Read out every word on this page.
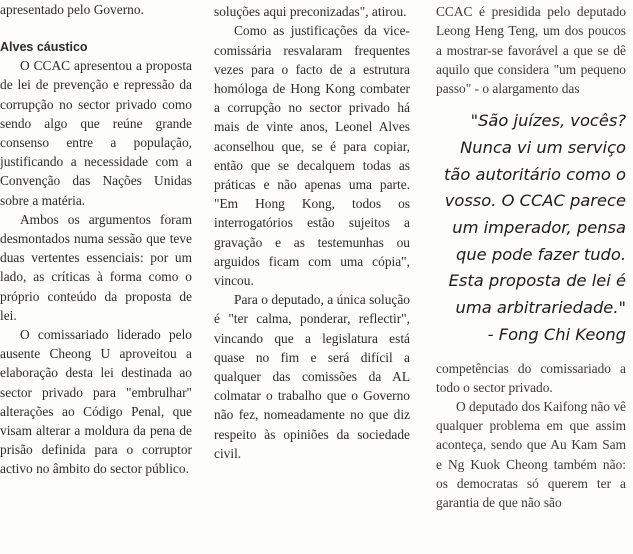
apresentado pelo Governo.

Alves cáustico

O CCAC apresentou a proposta de lei de prevenção e repressão da corrupção no sector privado como sendo algo que reúne grande consenso entre a população, justificando a necessidade com a Convenção das Nações Unidas sobre a matéria.

Ambos os argumentos foram desmontados numa sessão que teve duas vertentes essenciais: por um lado, as críticas à forma como o próprio conteúdo da proposta de lei.

O comissariado liderado pelo ausente Cheong U aproveitou a elaboração desta lei destinada ao sector privado para "embrulhar" alterações ao Código Penal, que visam alterar a moldura da pena de prisão definida para o corruptor activo no âmbito do sector público.

soluções aqui preconizadas", atirou.

Como as justificações da vice-comissária resvalaram frequentes vezes para o facto de a estrutura homóloga de Hong Kong combater a corrupção no sector privado há mais de vinte anos, Leonel Alves aconselhou que, se é para copiar, então que se decalquem todas as práticas e não apenas uma parte. "Em Hong Kong, todos os interrogatórios estão sujeitos a gravação e as testemunhas ou arguidos ficam com uma cópia", vincou.

Para o deputado, a única solução é "ter calma, ponderar, reflectir", vincando que a legislatura está quase no fim e será difícil a qualquer das comissões da AL colmatar o trabalho que o Governo não fez, nomeadamente no que diz respeito às opiniões da sociedade civil.

CCAC é presidida pelo deputado Leong Heng Teng, um dos poucos a mostrar-se favorável a que se dê aquilo que considera "um pequeno passo" - o alargamento das

"São juízes, vocês? Nunca vi um serviço tão autoritário como o vosso. O CCAC parece um imperador, pensa que pode fazer tudo. Esta proposta de lei é uma arbitrariedade."
- Fong Chi Keong

competências do comissariado a todo o sector privado.

O deputado dos Kaifong não vê qualquer problema em que assim aconteça, sendo que Au Kam Sam e Ng Kuok Cheong também não: os democratas só querem ter a garantia de que não são
